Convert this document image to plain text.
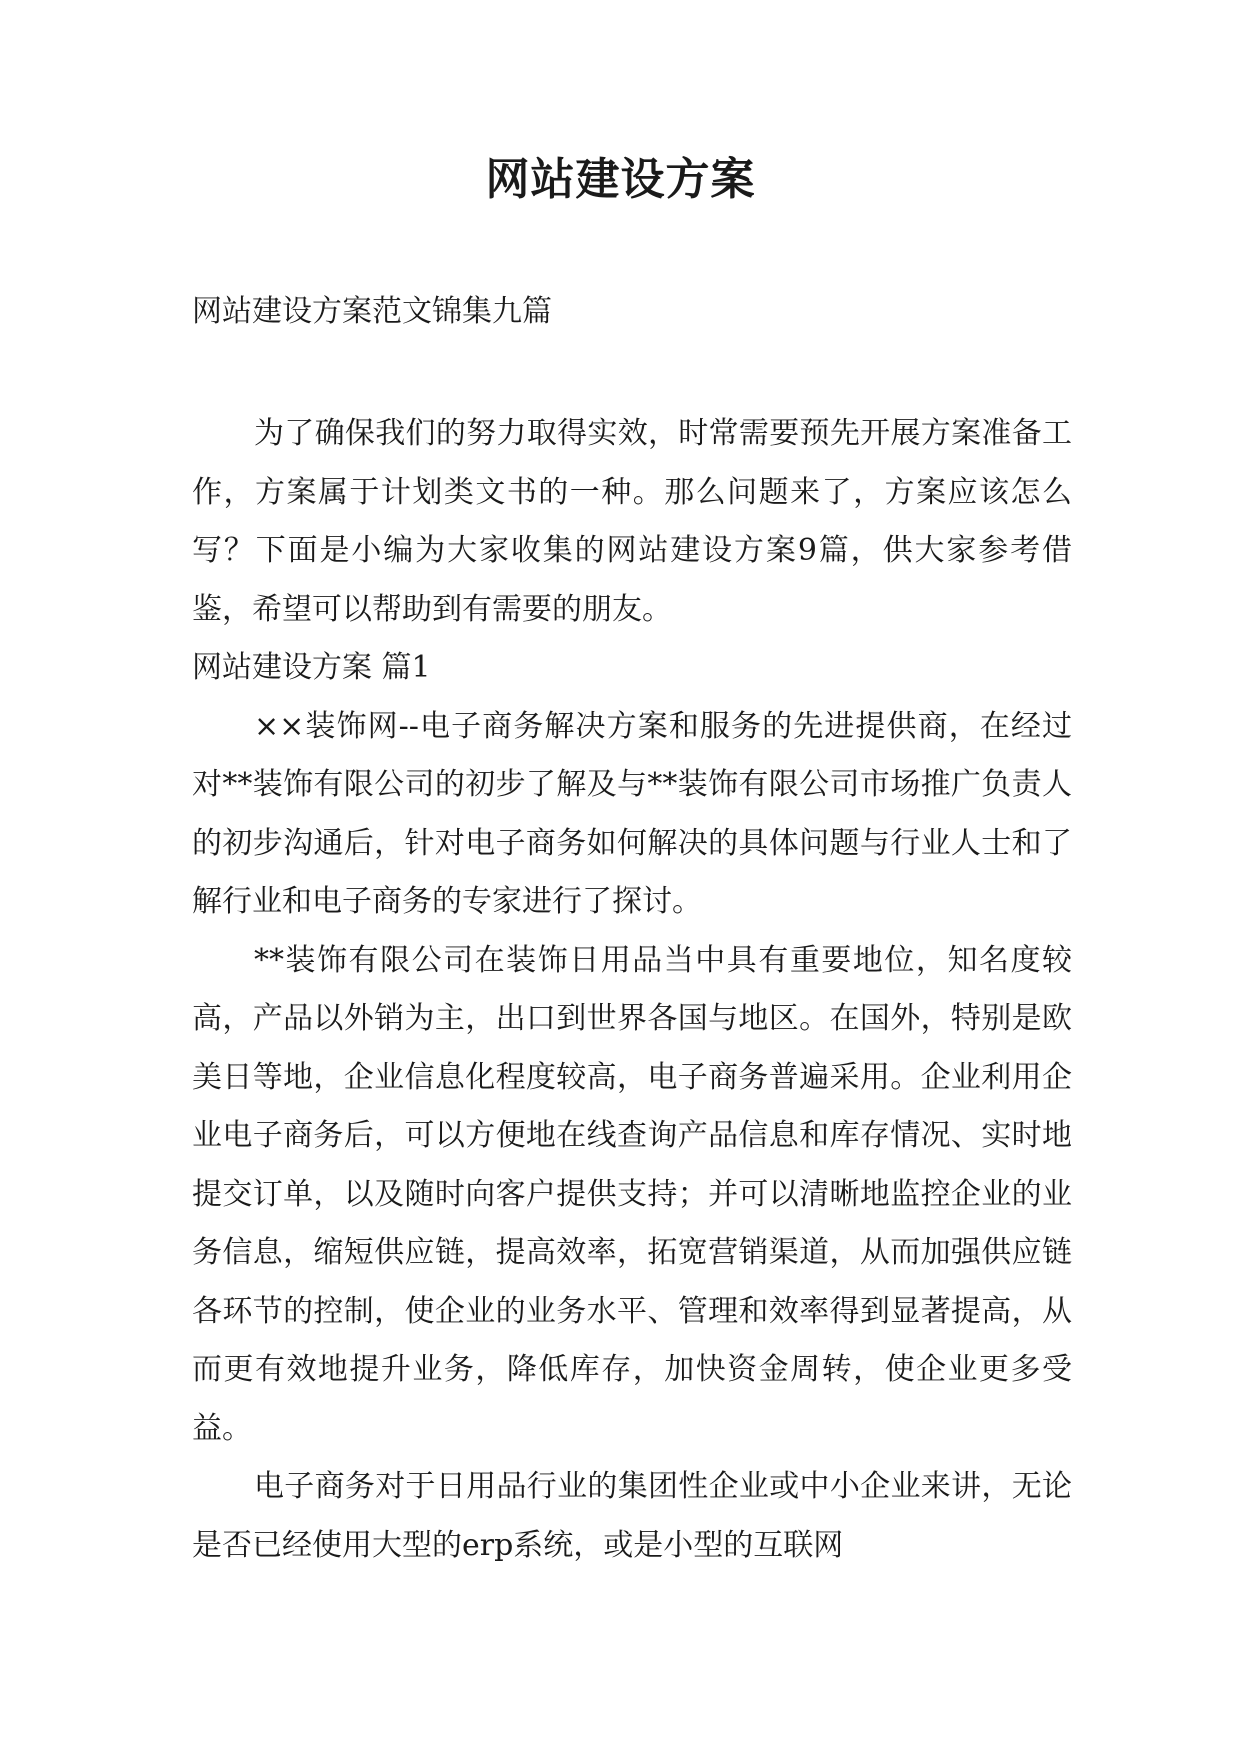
网站建设方案
网站建设方案范文锦集九篇

为了确保我们的努力取得实效，时常需要预先开展方案准备工作，方案属于计划类文书的一种。那么问题来了，方案应该怎么写？下面是小编为大家收集的网站建设方案9篇，供大家参考借鉴，希望可以帮助到有需要的朋友。

网站建设方案 篇1

××装饰网--电子商务解决方案和服务的先进提供商，在经过对**装饰有限公司的初步了解及与**装饰有限公司市场推广负责人的初步沟通后，针对电子商务如何解决的具体问题与行业人士和了解行业和电子商务的专家进行了探讨。

**装饰有限公司在装饰日用品当中具有重要地位，知名度较高，产品以外销为主，出口到世界各国与地区。在国外，特别是欧美日等地，企业信息化程度较高，电子商务普遍采用。企业利用企业电子商务后，可以方便地在线查询产品信息和库存情况、实时地提交订单，以及随时向客户提供支持；并可以清晰地监控企业的业务信息，缩短供应链，提高效率，拓宽营销渠道，从而加强供应链各环节的控制，使企业的业务水平、管理和效率得到显著提高，从而更有效地提升业务，降低库存，加快资金周转，使企业更多受益。

电子商务对于日用品行业的集团性企业或中小企业来讲，无论是否已经使用大型的erp系统，或是小型的互联网
